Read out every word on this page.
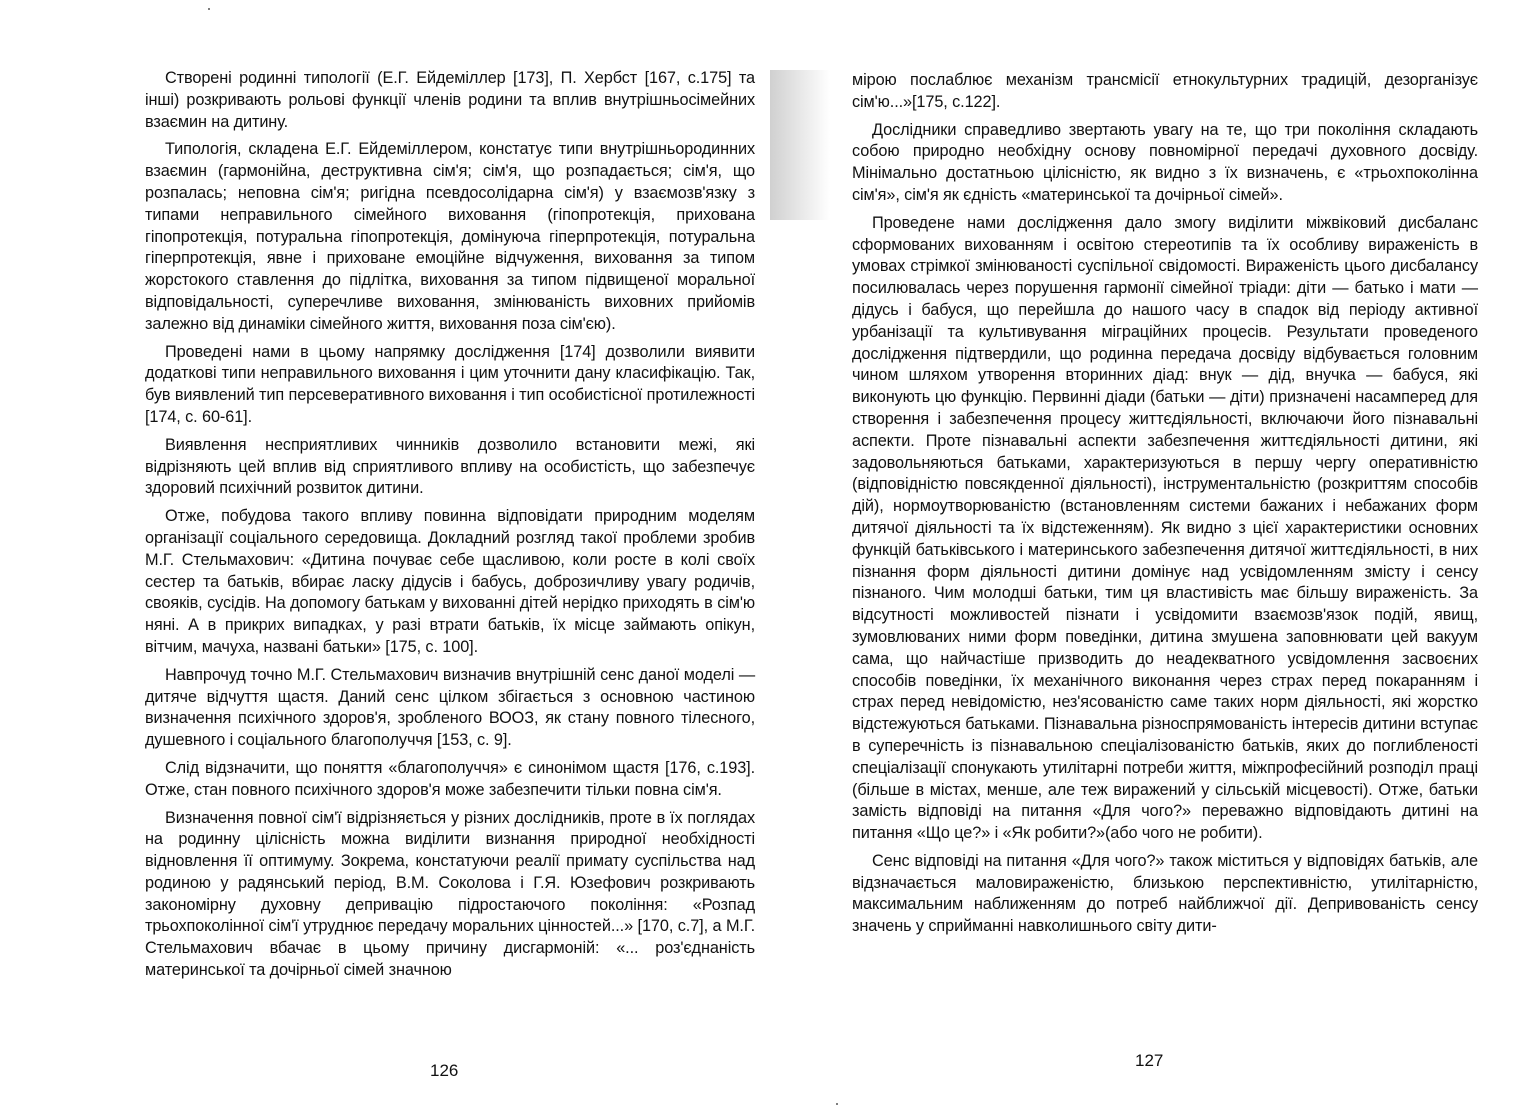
Створені родинні типології (Е.Г. Ейдеміллер [173], П. Хербст [167, с.175] та інші) розкривають рольові функції членів родини та вплив внутрішньосімейних взаємин на дитину.

Типологія, складена Е.Г. Ейдеміллером, констатує типи внутрішньородинних взаємин (гармонійна, деструктивна сім'я; сім'я, що розпадається; сім'я, що розпалась; неповна сім'я; ригідна псевдосолідарна сім'я) у взаємозв'язку з типами неправильного сімейного виховання (гіпопротекція, прихована гіпопротекція, потуральна гіпопротекція, домінуюча гіперпротекція, потуральна гіперпротекція, явне і приховане емоційне відчуження, виховання за типом жорстокого ставлення до підлітка, виховання за типом підвищеної моральної відповідальності, суперечливе виховання, змінюваність виховних прийомів залежно від динаміки сімейного життя, виховання поза сім'єю).

Проведені нами в цьому напрямку дослідження [174] дозволили виявити додаткові типи неправильного виховання і цим уточнити дану класифікацію. Так, був виявлений тип персеверативного виховання і тип особистісної протилежності [174, с. 60-61].

Виявлення несприятливих чинників дозволило встановити межі, які відрізняють цей вплив від сприятливого впливу на особистість, що забезпечує здоровий психічний розвиток дитини.

Отже, побудова такого впливу повинна відповідати природним моделям організації соціального середовища. Докладний розгляд такої проблеми зробив М.Г. Стельмахович: «Дитина почуває себе щасливою, коли росте в колі своїх сестер та батьків, вбирає ласку дідусів і бабусь, доброзичливу увагу родичів, свояків, сусідів. На допомогу батькам у вихованні дітей нерідко приходять в сім'ю няні. А в прикрих випадках, у разі втрати батьків, їх місце займають опікун, вітчим, мачуха, названі батьки» [175, с. 100].

Навпрочуд точно М.Г. Стельмахович визначив внутрішній сенс даної моделі — дитяче відчуття щастя. Даний сенс цілком збігається з основною частиною визначення психічного здоров'я, зробленого ВООЗ, як стану повного тілесного, душевного і соціального благополуччя [153, с. 9].

Слід відзначити, що поняття «благополуччя» є синонімом щастя [176, с.193]. Отже, стан повного психічного здоров'я може забезпечити тільки повна сім'я.

Визначення повної сім'ї відрізняється у різних дослідників, проте в їх поглядах на родинну цілісність можна виділити визнання природної необхідності відновлення її оптимуму. Зокрема, констатуючи реалії примату суспільства над родиною у радянський період, В.М. Соколова і Г.Я. Юзефович розкривають закономірну духовну депривацію підростаючого покоління: «Розпад трьохпоколінної сім'ї утруднює передачу моральних цінностей...» [170, с.7], а М.Г. Стельмахович вбачає в цьому причину дисгармоній: «... роз'єднаність материнської та дочірньої сімей значною

126

мірою послаблює механізм трансмісії етнокультурних традицій, дезорганізує сім'ю...»[175, с.122].

Дослідники справедливо звертають увагу на те, що три покоління складають собою природно необхідну основу повномірної передачі духовного досвіду. Мінімально достатньою цілісністю, як видно з їх визначень, є «трьохпоколінна сім'я», сім'я як єдність «материнської та дочірньої сімей».

Проведене нами дослідження дало змогу виділити міжвіковий дисбаланс сформованих вихованням і освітою стереотипів та їх особливу вираженість в умовах стрімкої змінюваності суспільної свідомості. Вираженість цього дисбалансу посилювалась через порушення гармонії сімейної тріади: діти — батько і мати — дідусь і бабуся, що перейшла до нашого часу в спадок від періоду активної урбанізації та культивування міграційних процесів. Результати проведеного дослідження підтвердили, що родинна передача досвіду відбувається головним чином шляхом утворення вторинних діад: внук — дід, внучка — бабуся, які виконують цю функцію. Первинні діади (батьки — діти) призначені насамперед для створення і забезпечення процесу життєдіяльності, включаючи його пізнавальні аспекти. Проте пізнавальні аспекти забезпечення життєдіяльності дитини, які задовольняються батьками, характеризуються в першу чергу оперативністю (відповідністю повсякденної діяльності), інструментальністю (розкриттям способів дій), нормоутворюваністю (встановленням системи бажаних і небажаних форм дитячої діяльності та їх відстеженням). Як видно з цієї характеристики основних функцій батьківського і материнського забезпечення дитячої життєдіяльності, в них пізнання форм діяльності дитини домінує над усвідомленням змісту і сенсу пізнаного. Чим молодші батьки, тим ця властивість має більшу вираженість. За відсутності можливостей пізнати і усвідомити взаємозв'язок подій, явищ, зумовлюваних ними форм поведінки, дитина змушена заповнювати цей вакуум сама, що найчастіше призводить до неадекватного усвідомлення засвоєних способів поведінки, їх механічного виконання через страх перед покаранням і страх перед невідомістю, нез'ясованістю саме таких норм діяльності, які жорстко відстежуються батьками. Пізнавальна різноспрямованість інтересів дитини вступає в суперечність із пізнавальною спеціалізованістю батьків, яких до поглибленості спеціалізації спонукають утилітарні потреби життя, міжпрофесійний розподіл праці (більше в містах, менше, але теж виражений у сільській місцевості). Отже, батьки замість відповіді на питання «Для чого?» переважно відповідають дитині на питання «Що це?» і «Як робити?»(або чого не робити).

Сенс відповіді на питання «Для чого?» також міститься у відповідях батьків, але відзначається маловираженістю, близькою перспективністю, утилітарністю, максимальним наближенням до потреб найближчої дії. Депривованість сенсу значень у сприйманні навколишнього світу дити-

127
